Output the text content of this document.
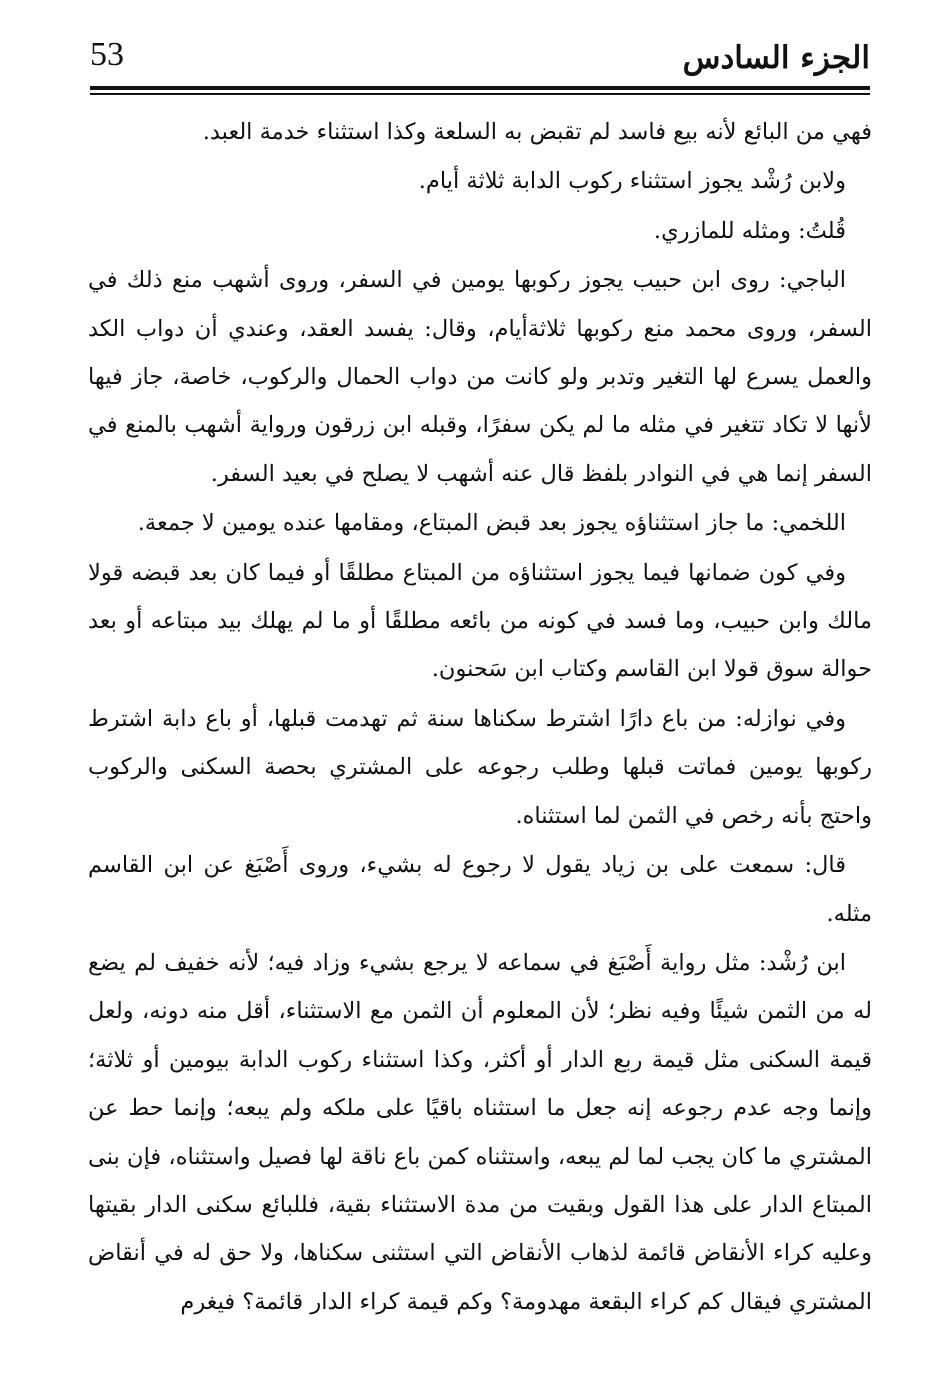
53	الجزء السادس

فهي من البائع لأنه بيع فاسد لم تقبض به السلعة وكذا استثناء خدمة العبد.

ولابن رُشْد يجوز استثناء ركوب الدابة ثلاثة أيام.

قُلتُ: ومثله للمازري.

الباجي: روى ابن حبيب يجوز ركوبها يومين في السفر، وروى أشهب منع ذلك في السفر، وروى محمد منع ركوبها ثلاثةأيام، وقال: يفسد العقد، وعندي أن دواب الكد والعمل يسرع لها التغير وتدبر ولو كانت من دواب الحمال والركوب، خاصة، جاز فيها لأنها لا تكاد تتغير في مثله ما لم يكن سفرًا، وقبله ابن زرقون ورواية أشهب بالمنع في السفر إنما هي في النوادر بلفظ قال عنه أشهب لا يصلح في بعيد السفر.

اللخمي: ما جاز استثناؤه يجوز بعد قبض المبتاع، ومقامها عنده يومين لا جمعة.

وفي كون ضمانها فيما يجوز استثناؤه من المبتاع مطلقًا أو فيما كان بعد قبضه قولا مالك وابن حبيب، وما فسد في كونه من بائعه مطلقًا أو ما لم يهلك بيد مبتاعه أو بعد حوالة سوق قولا ابن القاسم وكتاب ابن سَحنون.

وفي نوازله: من باع دارًا اشترط سكناها سنة ثم تهدمت قبلها، أو باع دابة اشترط ركوبها يومين فماتت قبلها وطلب رجوعه على المشتري بحصة السكنى والركوب واحتج بأنه رخص في الثمن لما استثناه.

قال: سمعت على بن زياد يقول لا رجوع له بشيء، وروى أَصْبَغ عن ابن القاسم مثله.

ابن رُشْد: مثل رواية أَصْبَغ في سماعه لا يرجع بشيء وزاد فيه؛ لأنه خفيف لم يضع له من الثمن شيئًا وفيه نظر؛ لأن المعلوم أن الثمن مع الاستثناء، أقل منه دونه، ولعل قيمة السكنى مثل قيمة ربع الدار أو أكثر، وكذا استثناء ركوب الدابة بيومين أو ثلاثة؛ وإنما وجه عدم رجوعه إنه جعل ما استثناه باقيًا على ملكه ولم يبعه؛ وإنما حط عن المشتري ما كان يجب لما لم يبعه، واستثناه كمن باع ناقة لها فصيل واستثناه، فإن بنى المبتاع الدار على هذا القول وبقيت من مدة الاستثناء بقية، فللبائع سكنى الدار بقيتها وعليه كراء الأنقاض قائمة لذهاب الأنقاض التي استثنى سكناها، ولا حق له في أنقاض المشتري فيقال كم كراء البقعة مهدومة؟ وكم قيمة كراء الدار قائمة؟ فيغرم
